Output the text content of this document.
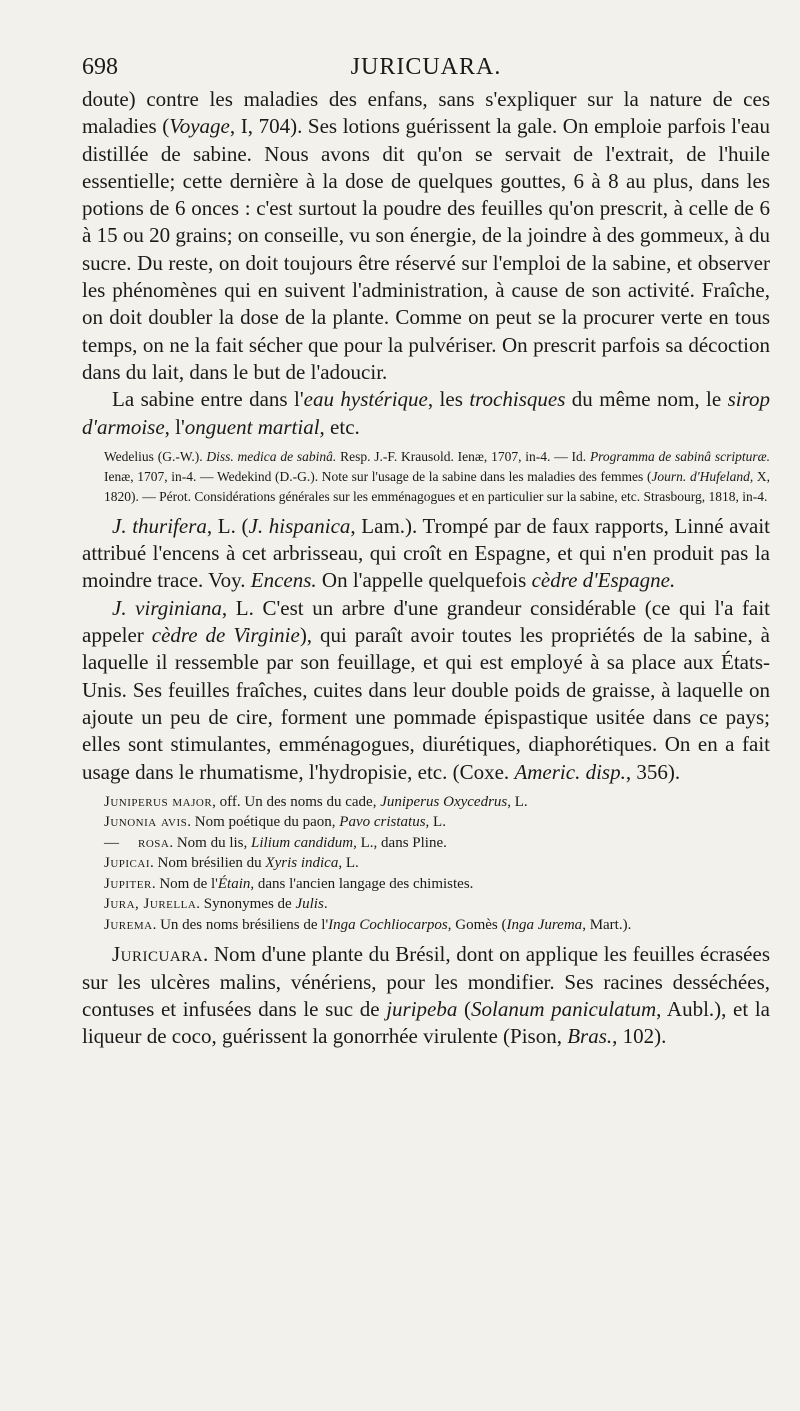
698	JURICUARA.

doute) contre les maladies des enfans, sans s'expliquer sur la nature de ces maladies (Voyage, I, 704). Ses lotions guérissent la gale. On emploie parfois l'eau distillée de sabine. Nous avons dit qu'on se servait de l'extrait, de l'huile essentielle; cette dernière à la dose de quelques gouttes, 6 à 8 au plus, dans les potions de 6 onces : c'est surtout la poudre des feuilles qu'on prescrit, à celle de 6 à 15 ou 20 grains; on conseille, vu son énergie, de la joindre à des gommeux, à du sucre. Du reste, on doit toujours être réservé sur l'emploi de la sabine, et observer les phénomènes qui en suivent l'administration, à cause de son activité. Fraîche, on doit doubler la dose de la plante. Comme on peut se la procurer verte en tous temps, on ne la fait sécher que pour la pulvériser. On prescrit parfois sa décoction dans du lait, dans le but de l'adoucir.

La sabine entre dans l'eau hystérique, les trochisques du même nom, le sirop d'armoise, l'onguent martial, etc.

Wedelius (G.-W.). Diss. medica de sabinâ. Resp. J.-F. Krausold. Ienæ, 1707, in-4. — Id. Programma de sabinâ scripturæ. Ienæ, 1707, in-4. — Wedekind (D.-G.). Note sur l'usage de la sabine dans les maladies des femmes (Journ. d'Hufeland, X, 1820). — Pérot. Considérations générales sur les emménagogues et en particulier sur la sabine, etc. Strasbourg, 1818, in-4.

J. thurifera, L. (J. hispanica, Lam.). Trompé par de faux rapports, Linné avait attribué l'encens à cet arbrisseau, qui croît en Espagne, et qui n'en produit pas la moindre trace. Voy. Encens. On l'appelle quelquefois cèdre d'Espagne.

J. virginiana, L. C'est un arbre d'une grandeur considérable (ce qui l'a fait appeler cèdre de Virginie), qui paraît avoir toutes les propriétés de la sabine, à laquelle il ressemble par son feuillage, et qui est employé à sa place aux États-Unis. Ses feuilles fraîches, cuites dans leur double poids de graisse, à laquelle on ajoute un peu de cire, forment une pommade épispastique usitée dans ce pays; elles sont stimulantes, emménagogues, diurétiques, diaphorétiques. On en a fait usage dans le rhumatisme, l'hydropisie, etc. (Coxe. Americ. disp., 356).

Juniperus major, off. Un des noms du cade, Juniperus Oxycedrus, L.

Junonia avis. Nom poétique du paon, Pavo cristatus, L.

— rosa. Nom du lis, Lilium candidum, L., dans Pline.

Jupicai. Nom brésilien du Xyris indica, L.

Jupiter. Nom de l'Étain, dans l'ancien langage des chimistes.

Jura, Jurella. Synonymes de Julis.

Jurema. Un des noms brésiliens de l'Inga Cochliocarpos, Gomès (Inga Jurema, Mart.).

Juricuara. Nom d'une plante du Brésil, dont on applique les feuilles écrasées sur les ulcères malins, vénériens, pour les mondifier. Ses racines desséchées, contuses et infusées dans le suc de juripeba (Solanum paniculatum, Aubl.), et la liqueur de coco, guérissent la gonorrhée virulente (Pison, Bras., 102).
